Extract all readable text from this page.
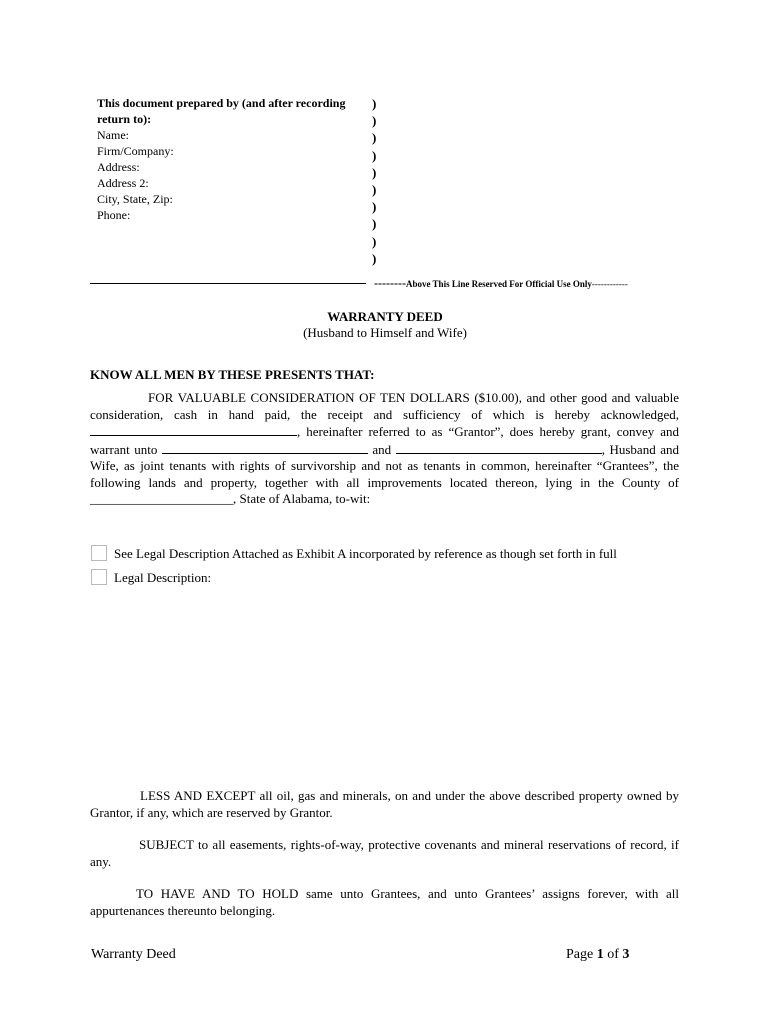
This document prepared by (and after recording return to):
Name:
Firm/Company:
Address:
Address 2:
City, State, Zip:
Phone:
)
)
)
)
)
)
)
)
)
)
--------Above This Line Reserved For Official Use Only------------
WARRANTY DEED
(Husband to Himself and Wife)
KNOW ALL MEN BY THESE PRESENTS THAT:
FOR VALUABLE CONSIDERATION OF TEN DOLLARS ($10.00), and other good and valuable consideration, cash in hand paid, the receipt and sufficiency of which is hereby acknowledged, , hereinafter referred to as “Grantor”, does hereby grant, convey and warrant unto	and	, Husband and Wife, as joint tenants with rights of survivorship and not as tenants in common, hereinafter “Grantees”, the following lands and property, together with all improvements located thereon, lying in the County of ______________________, State of Alabama, to-wit:
See Legal Description Attached as Exhibit A incorporated by reference as though set forth in full
Legal Description:
LESS AND EXCEPT all oil, gas and minerals, on and under the above described property owned by Grantor, if any, which are reserved by Grantor.
SUBJECT to all easements, rights-of-way, protective covenants and mineral reservations of record, if any.
TO HAVE AND TO HOLD same unto Grantees, and unto Grantees’ assigns forever, with all appurtenances thereunto belonging.
Warranty Deed	Page 1 of 3
